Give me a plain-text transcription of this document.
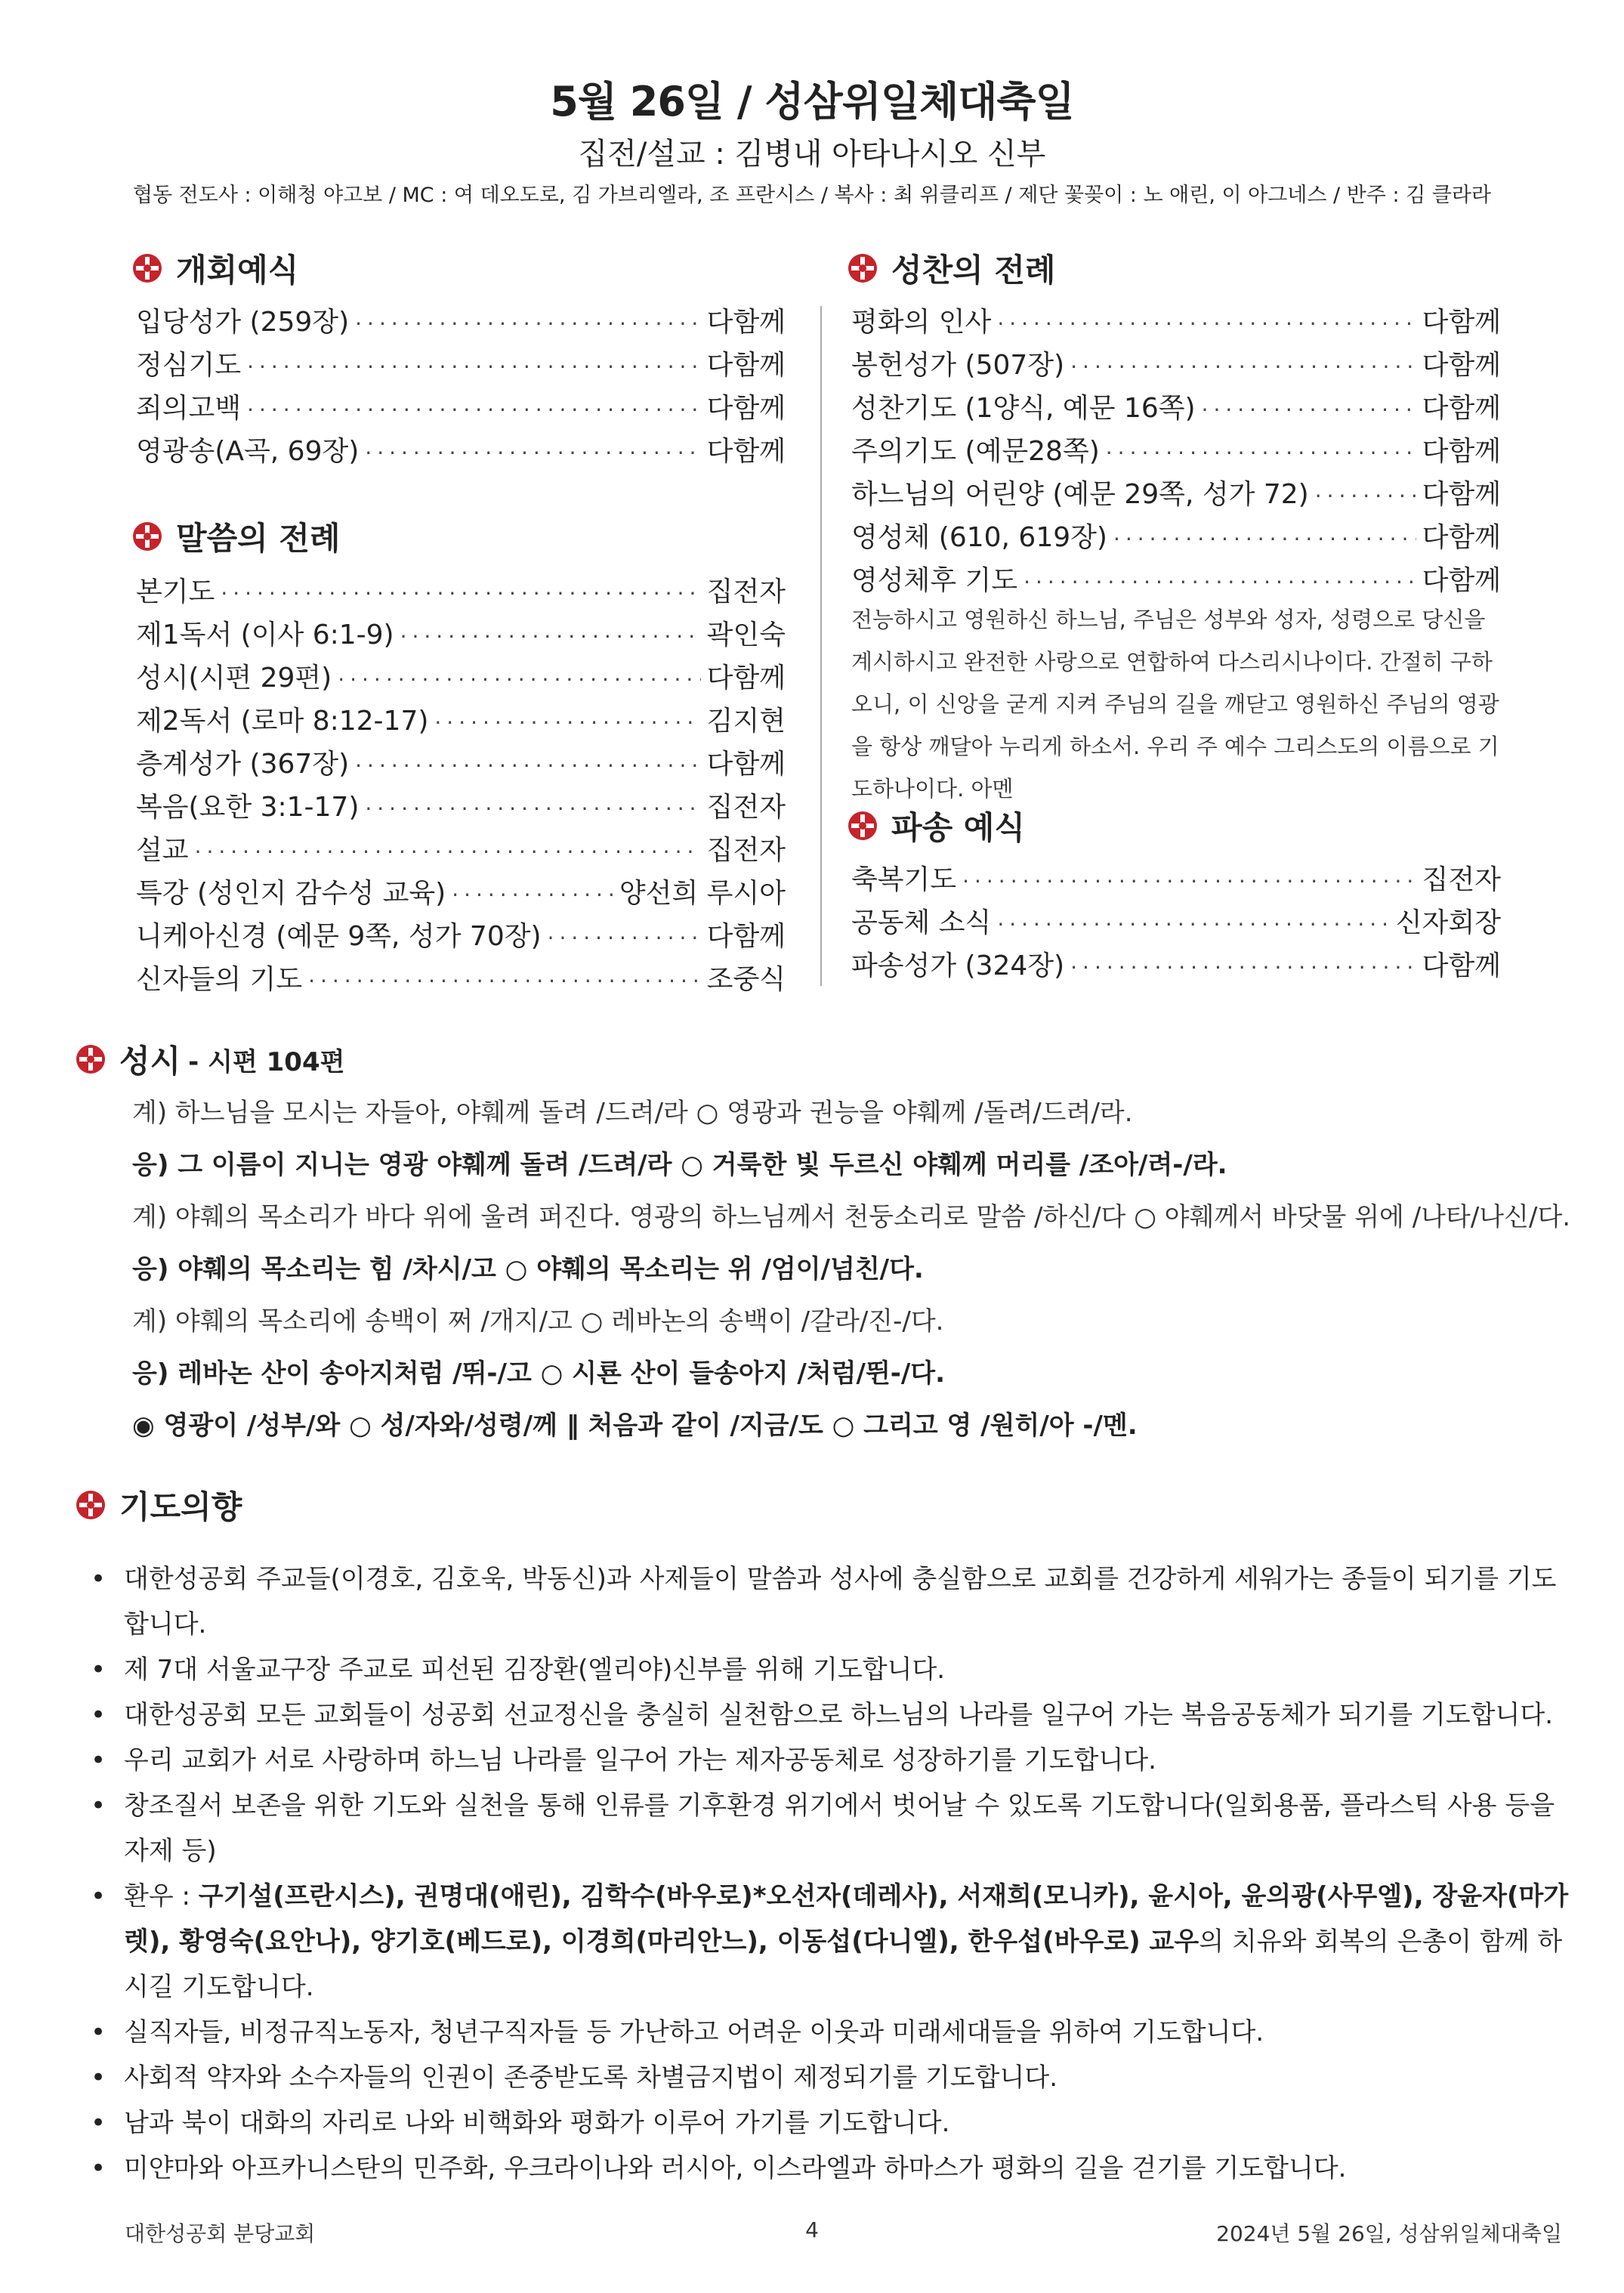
5월 26일 / 성삼위일체대축일
집전/설교 : 김병내 아타나시오 신부
협동 전도사 : 이해청 야고보 / MC : 여 데오도로, 김 가브리엘라, 조 프란시스 / 복사 : 최 위클리프 / 제단 꽃꽂이 : 노 애린, 이 아그네스 / 반주 : 김 클라라
개회예식
입당성가 (259장) ·····	다함께
정심기도 ·····	다함께
죄의고백 ·····	다함께
영광송(A곡, 69장) ·····	다함께
말씀의 전례
본기도 ·····	집전자
제1독서 (이사 6:1-9) ·····	곽인숙
성시(시편 29편) ·····	다함께
제2독서 (로마 8:12-17) ·····	김지현
층계성가 (367장) ·····	다함께
복음(요한 3:1-17) ·····	집전자
설교 ·····	집전자
특강 (성인지 감수성 교육) ·····	양선희 루시아
니케아신경 (예문 9쪽, 성가 70장) ·····	다함께
신자들의 기도 ·····	조중식
성찬의 전례
평화의 인사 ·····	다함께
봉헌성가 (507장) ·····	다함께
성찬기도 (1양식, 예문 16쪽) ·····	다함께
주의기도 (예문28쪽) ·····	다함께
하느님의 어린양 (예문 29쪽, 성가 72) ·····	다함께
영성체 (610, 619장) ·····	다함께
영성체후 기도 ·····	다함께
전능하시고 영원하신 하느님, 주님은 성부와 성자, 성령으로 당신을 계시하시고 완전한 사랑으로 연합하여 다스리시나이다. 간절히 구하오니, 이 신앙을 굳게 지켜 주님의 길을 깨닫고 영원하신 주님의 영광을 항상 깨달아 누리게 하소서. 우리 주 예수 그리스도의 이름으로 기도하나이다. 아멘
파송 예식
축복기도 ·····	집전자
공동체 소식 ·····	신자회장
파송성가 (324장) ·····	다함께
성시 - 시편 104편
계) 하느님을 모시는 자들아, 야훼께 돌려 /드려/라 ○ 영광과 권능을 야훼께 /돌려/드려/라.
응) 그 이름이 지니는 영광 야훼께 돌려 /드려/라 ○ 거룩한 빛 두르신 야훼께 머리를 /조아/려-/라.
계) 야훼의 목소리가 바다 위에 울려 퍼진다. 영광의 하느님께서 천둥소리로 말씀 /하신/다 ○ 야훼께서 바닷물 위에 /나타/나신/다.
응) 야훼의 목소리는 힘 /차시/고 ○ 야훼의 목소리는 위 /엄이/넘친/다.
계) 야훼의 목소리에 송백이 쩌 /개지/고 ○ 레바논의 송백이 /갈라/진-/다.
응) 레바논 산이 송아지처럼 /뛰-/고 ○ 시룐 산이 들송아지 /처럼/뛴-/다.
◉ 영광이 /성부/와 ○ 성/자와/성령/께 ‖ 처음과 같이 /지금/도 ○ 그리고 영 /원히/아 -/멘.
기도의향
• 대한성공회 주교들(이경호, 김호욱, 박동신)과 사제들이 말씀과 성사에 충실함으로 교회를 건강하게 세워가는 종들이 되기를 기도합니다.
• 제 7대 서울교구장 주교로 피선된 김장환(엘리야)신부를 위해 기도합니다.
• 대한성공회 모든 교회들이 성공회 선교정신을 충실히 실천함으로 하느님의 나라를 일구어 가는 복음공동체가 되기를 기도합니다.
• 우리 교회가 서로 사랑하며 하느님 나라를 일구어 가는 제자공동체로 성장하기를 기도합니다.
• 창조질서 보존을 위한 기도와 실천을 통해 인류를 기후환경 위기에서 벗어날 수 있도록 기도합니다(일회용품, 플라스틱 사용 등을 자제 등)
• 환우 : 구기설(프란시스), 권명대(애린), 김학수(바우로)*오선자(데레사), 서재희(모니카), 윤시아, 윤의광(사무엘), 장윤자(마가렛), 황영숙(요안나), 양기호(베드로), 이경희(마리안느), 이동섭(다니엘), 한우섭(바우로) 교우의 치유와 회복의 은총이 함께 하시길 기도합니다.
• 실직자들, 비정규직노동자, 청년구직자들 등 가난하고 어려운 이웃과 미래세대들을 위하여 기도합니다.
• 사회적 약자와 소수자들의 인권이 존중받도록 차별금지법이 제정되기를 기도합니다.
• 남과 북이 대화의 자리로 나와 비핵화와 평화가 이루어 가기를 기도합니다.
• 미얀마와 아프카니스탄의 민주화, 우크라이나와 러시아, 이스라엘과 하마스가 평화의 길을 걷기를 기도합니다.
대한성공회 분당교회	4	2024년 5월 26일, 성삼위일체대축일
